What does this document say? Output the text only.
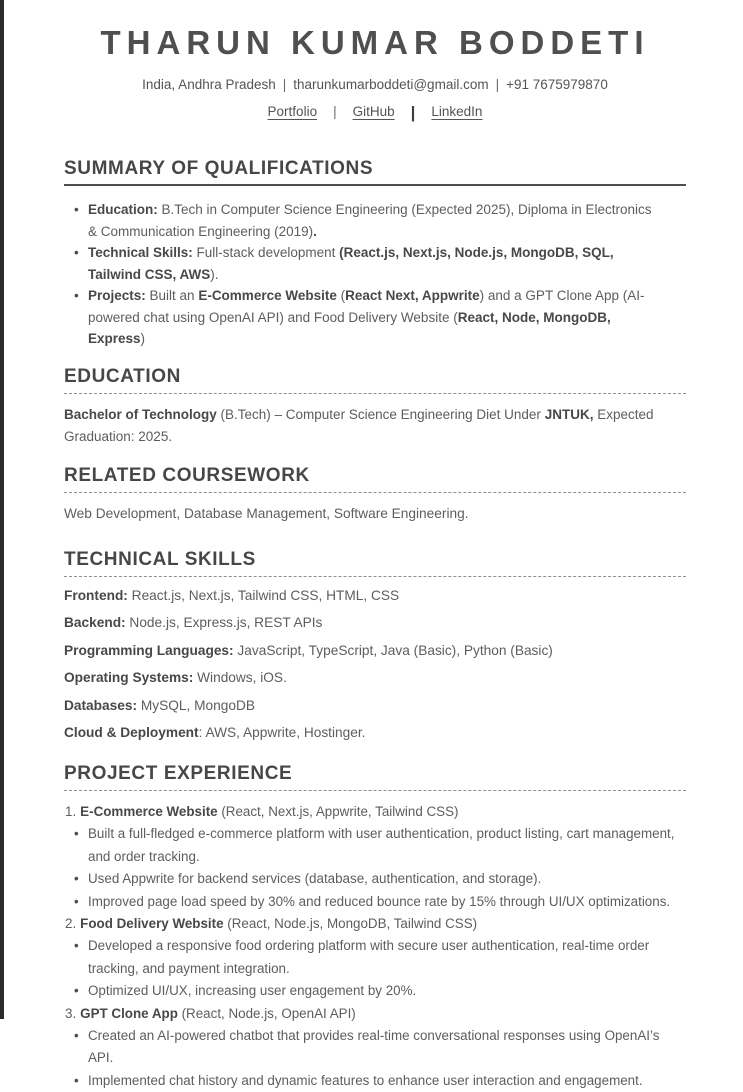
THARUN KUMAR BODDETI
India, Andhra Pradesh | tharunkumarboddeti@gmail.com | +91 7675979870
Portfolio | GitHub | LinkedIn
SUMMARY OF QUALIFICATIONS
• Education: B.Tech in Computer Science Engineering (Expected 2025), Diploma in Electronics & Communication Engineering (2019).
• Technical Skills: Full-stack development (React.js, Next.js, Node.js, MongoDB, SQL, Tailwind CSS, AWS).
• Projects: Built an E-Commerce Website (React Next, Appwrite) and a GPT Clone App (AI-powered chat using OpenAI API) and Food Delivery Website (React, Node, MongoDB, Express)
EDUCATION
Bachelor of Technology (B.Tech) – Computer Science Engineering Diet Under JNTUK, Expected Graduation: 2025.
RELATED COURSEWORK
Web Development, Database Management, Software Engineering.
TECHNICAL SKILLS
Frontend: React.js, Next.js, Tailwind CSS, HTML, CSS
Backend: Node.js, Express.js, REST APIs
Programming Languages: JavaScript, TypeScript, Java (Basic), Python (Basic)
Operating Systems: Windows, iOS.
Databases: MySQL, MongoDB
Cloud & Deployment: AWS, Appwrite, Hostinger.
PROJECT EXPERIENCE
1. E-Commerce Website (React, Next.js, Appwrite, Tailwind CSS)
• Built a full-fledged e-commerce platform with user authentication, product listing, cart management, and order tracking.
• Used Appwrite for backend services (database, authentication, and storage).
• Improved page load speed by 30% and reduced bounce rate by 15% through UI/UX optimizations.
2. Food Delivery Website (React, Node.js, MongoDB, Tailwind CSS)
• Developed a responsive food ordering platform with secure user authentication, real-time order tracking, and payment integration.
• Optimized UI/UX, increasing user engagement by 20%.
3. GPT Clone App (React, Node.js, OpenAI API)
• Created an AI-powered chatbot that provides real-time conversational responses using OpenAI’s API.
• Implemented chat history and dynamic features to enhance user interaction and engagement.
